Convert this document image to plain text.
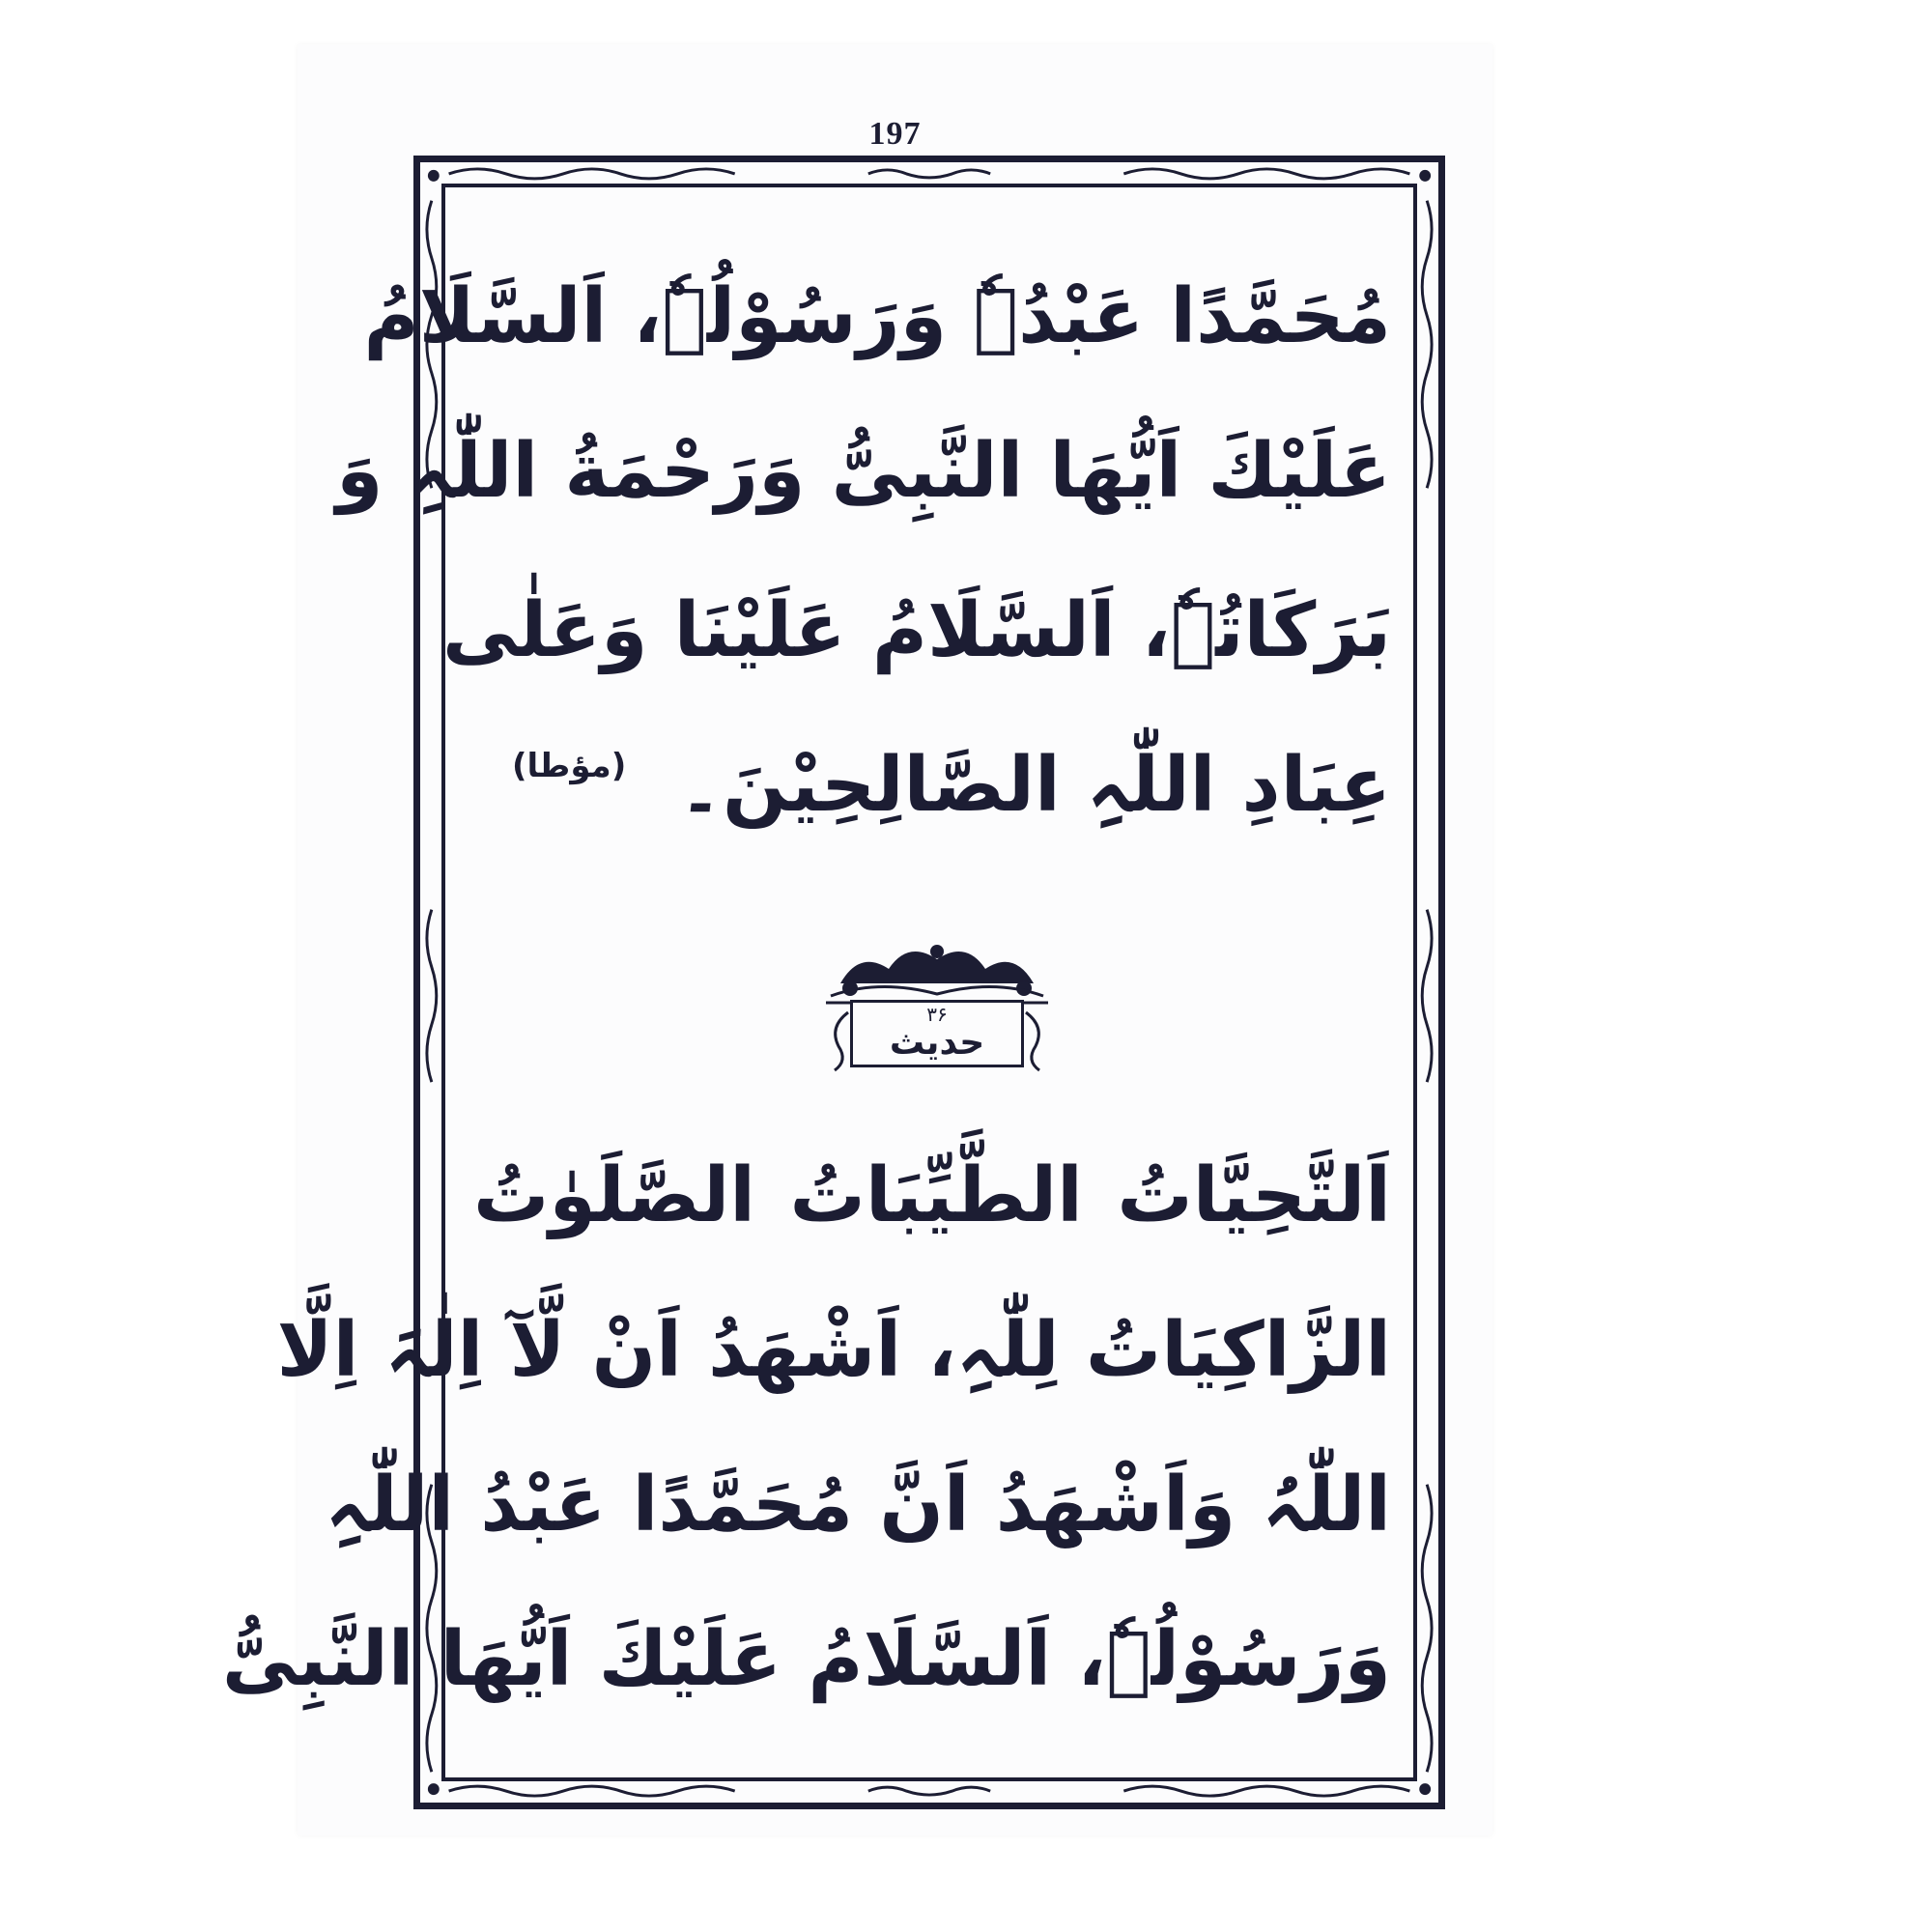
197
مُحَمَّدًا عَبْدُہٗ وَرَسُوْلُہٗ، اَلسَّلَامُ
عَلَیْكَ اَیُّھَا النَّبِیُّ وَرَحْمَةُ اللّٰہِ وَ
بَرَكَاتُہٗ، اَلسَّلَامُ عَلَیْنَا وَعَلٰی
عِبَادِ اللّٰہِ الصَّالِحِیْنَ۔
(مؤطا)
۳۶
حدیث
اَلتَّحِیَّاتُ الطَّیِّبَاتُ الصَّلَوٰتُ
الزَّاكِیَاتُ لِلّٰہِ، اَشْھَدُ اَنْ لَّآ اِلٰہَ اِلَّا
اللّٰہُ وَاَشْھَدُ اَنَّ مُحَمَّدًا عَبْدُ اللّٰہِ
وَرَسُوْلُہٗ، اَلسَّلَامُ عَلَیْكَ اَیُّھَا النَّبِیُّ
